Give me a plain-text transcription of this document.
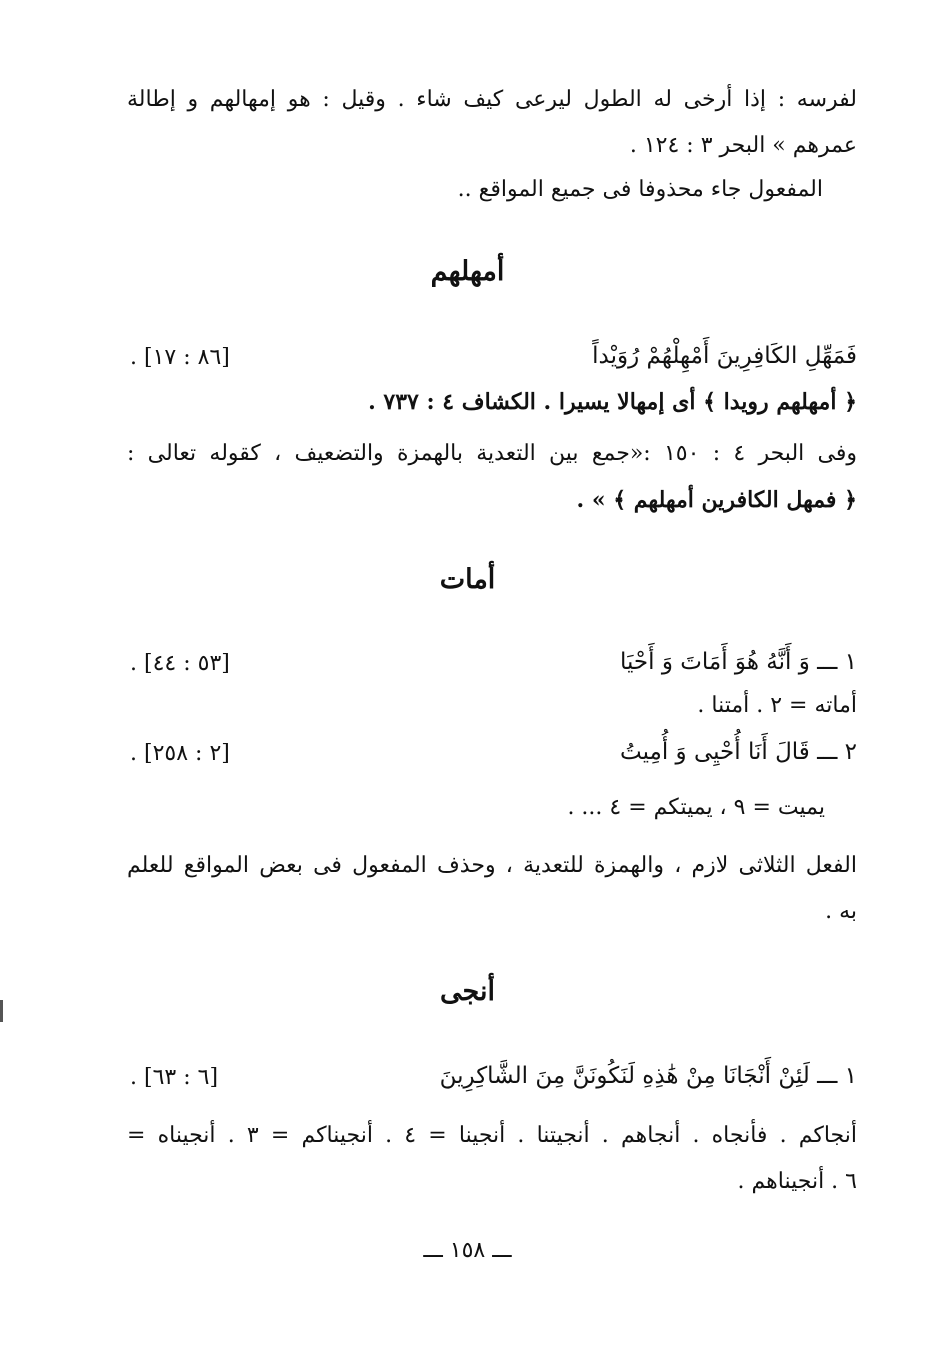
لفرسه : إذا أرخى له الطول ليرعى كيف شاء . وقيل : هو إمهالهم و إطالة
عمرهم » البحر ٣ : ١٢٤ .
المفعول جاء محذوفا فى جميع المواقع ..
أمهلهم
فَمَهِّلِ الكَافِرِينَ أَمْهِلْهُمْ رُوَيْداً
[٨٦ : ١٧] .
﴿ أمهلهم رويدا ﴾ أى إمهالا يسيرا . الكشاف ٤ : ٧٣٧ .
وفى البحر ٤ : ١٥٠ :«جمع بين التعدية بالهمزة والتضعيف ، كقوله تعالى :
﴿ فمهل الكافرين أمهلهم ﴾ » .
أمات
١ ـــ وَ أَنَّهُ هُوَ أَمَاتَ وَ أَحْيَا
[٥٣ : ٤٤] .
أماته = ٢ . أمتنا .
٢ ـــ قَالَ أَنَا أُحْيِى وَ أُمِيتُ
[٢ : ٢٥٨] .
يميت = ٩ ، يميتكم = ٤ ... .
الفعل الثلاثى لازم ، والهمزة للتعدية ، وحذف المفعول فى بعض المواقع للعلم
به .
أنجى
١ ـــ لَئِنْ أَنْجَانَا مِنْ هَٰذِهِ لَنَكُونَنَّ مِنَ الشَّاكِرِينَ
[٦ : ٦٣] .
أنجاكم . فأنجاه . أنجاهم . أنجيتنا . أنجينا = ٤ . أنجيناكم = ٣ . أنجيناه =
٦ . أنجيناهم .
ـــ ١٥٨ ـــ
